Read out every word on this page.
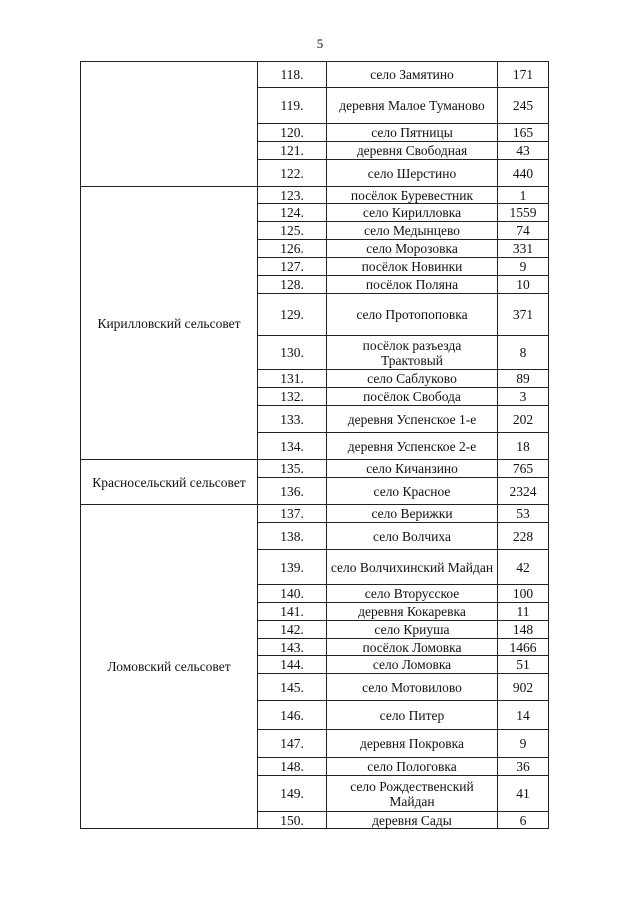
5
	118.	село Замятино	171
	119.	деревня Малое Туманово	245
	120.	село Пятницы	165
	121.	деревня Свободная	43
	122.	село Шерстино	440
Кирилловский сельсовет	123.	посёлок Буревестник	1
	124.	село Кирилловка	1559
	125.	село Медынцево	74
	126.	село Морозовка	331
	127.	посёлок Новинки	9
	128.	посёлок Поляна	10
	129.	село Протопоповка	371
	130.	посёлок разъезда Трактовый	8
	131.	село Саблуково	89
	132.	посёлок Свобода	3
	133.	деревня Успенское 1-е	202
	134.	деревня Успенское 2-е	18
Красносельский сельсовет	135.	село Кичанзино	765
	136.	село Красное	2324
Ломовский сельсовет	137.	село Верижки	53
	138.	село Волчиха	228
	139.	село Волчихинский Майдан	42
	140.	село Вторусское	100
	141.	деревня Кокаревка	11
	142.	село Криуша	148
	143.	посёлок Ломовка	1466
	144.	село Ломовка	51
	145.	село Мотовилово	902
	146.	село Питер	14
	147.	деревня Покровка	9
	148.	село Пологовка	36
	149.	село Рождественский Майдан	41
	150.	деревня Сады	6
